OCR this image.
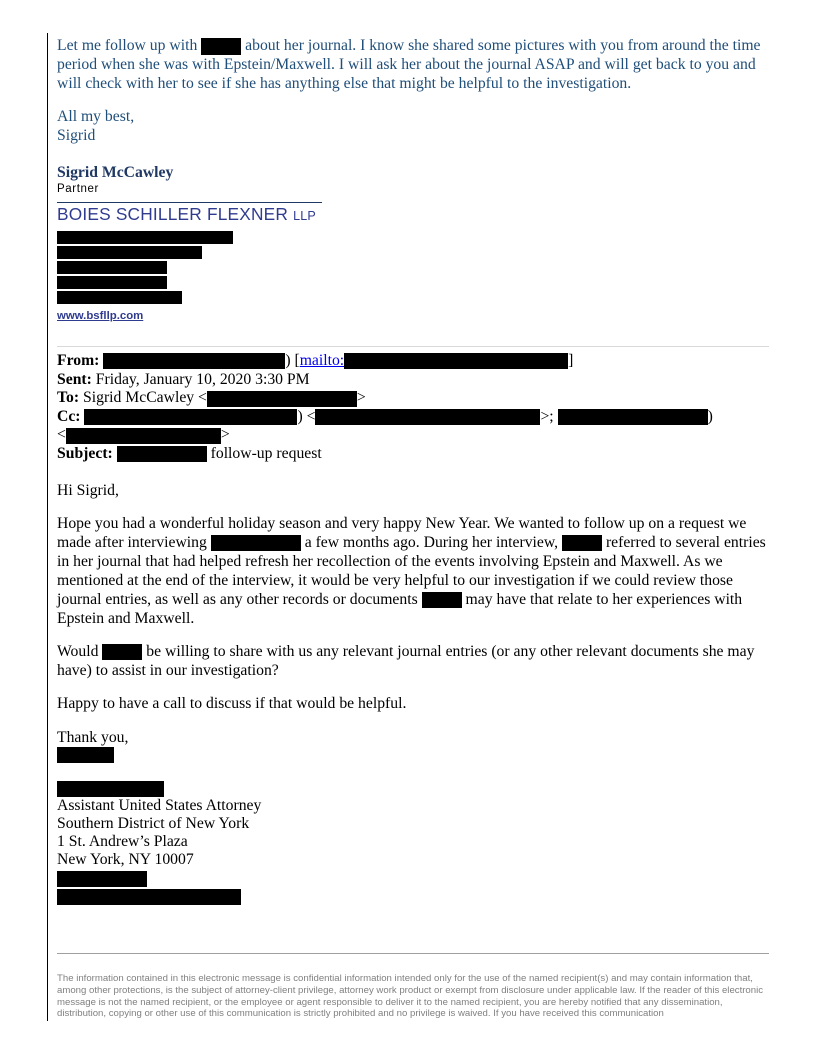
Let me follow up with	about her journal. I know she shared some pictures with you from around the time period when she was with Epstein/Maxwell. I will ask her about the journal ASAP and will get back to you and will check with her to see if she has anything else that might be helpful to the investigation.

All my best,
Sigrid
Sigrid McCawley
Partner
BOIES SCHILLER FLEXNER LLP
www.bsfllp.com
From:	) [mailto:	]
Sent: Friday, January 10, 2020 3:30 PM
To: Sigrid McCawley <	>
Cc:	) <	>;	)
<	>
Subject:	follow-up request

Hi Sigrid,

Hope you had a wonderful holiday season and very happy New Year. We wanted to follow up on a request we made after interviewing	a few months ago. During her interview,	referred to several entries in her journal that had helped refresh her recollection of the events involving Epstein and Maxwell. As we mentioned at the end of the interview, it would be very helpful to our investigation if we could review those journal entries, as well as any other records or documents	may have that relate to her experiences with Epstein and Maxwell.

Would	be willing to share with us any relevant journal entries (or any other relevant documents she may have) to assist in our investigation?

Happy to have a call to discuss if that would be helpful.

Thank you,
Assistant United States Attorney
Southern District of New York
1 St. Andrew’s Plaza
New York, NY 10007
The information contained in this electronic message is confidential information intended only for the use of the named recipient(s) and may contain information that, among other protections, is the subject of attorney-client privilege, attorney work product or exempt from disclosure under applicable law. If the reader of this electronic message is not the named recipient, or the employee or agent responsible to deliver it to the named recipient, you are hereby notified that any dissemination, distribution, copying or other use of this communication is strictly prohibited and no privilege is waived. If you have received this communication
